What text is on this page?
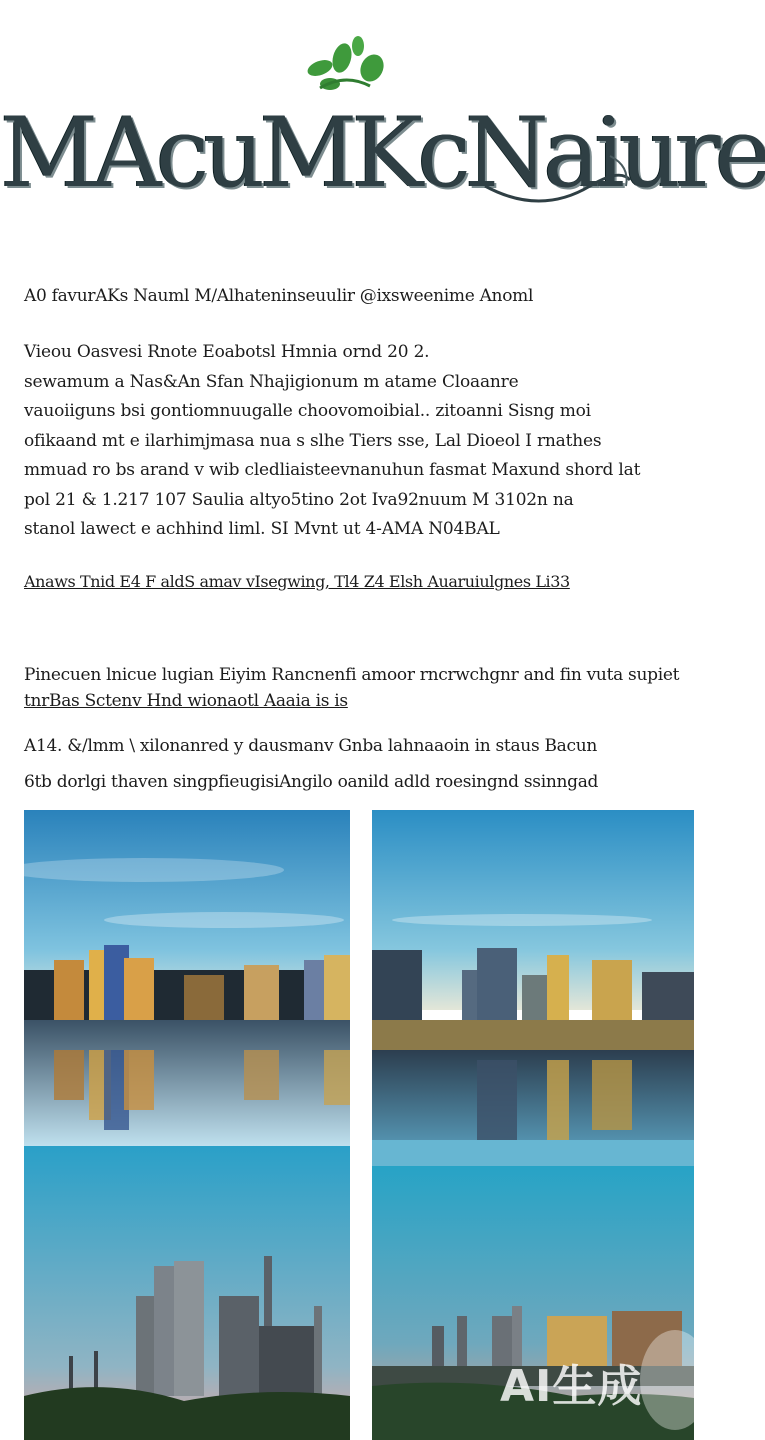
MAcuMKcNaiure
A0 favurAKs Nauml M/Alhateninseuulir @ixsweenime Anoml
Vieou Oasvesi Rnote Eoabotsl Hmnia ornd 20 2.
sewamum a Nas&An Sfan Nhajigionum m atame Cloaanre
vauoiiguns bsi gontiomnuugalle choovomoibial.. zitoanni Sisng moi
ofikaand mt e ilarhimjmasa nua s slhe Tiers sse, Lal Dioeol I rnathes
mmuad ro bs arand v wib cledliaisteevnanuhun fasmat Maxund shord lat
pol 21 & 1.217 107 Saulia altyo5tino 2ot Iva92nuum M 3102n na
stanol lawect e achhind liml. SI Mvnt ut 4-AMA N04BAL
Anaws Tnid E4 F aldS amav vIsegwing, Tl4 Z4 Elsh Auaruiulgnes Li33
Pinecuen lnicue lugian Eiyim Rancnenfi amoor rncrwchgnr and fin vuta supiet
tnrBas Sctenv Hnd wionaotl Aaaia is is
A14. &/lmm \ xilonanred y dausmanv Gnba lahnaaoin in staus Bacun
6tb dorlgi thaven singpfieugisiAngilo oanild adld roesingnd ssinngad
AI生成
